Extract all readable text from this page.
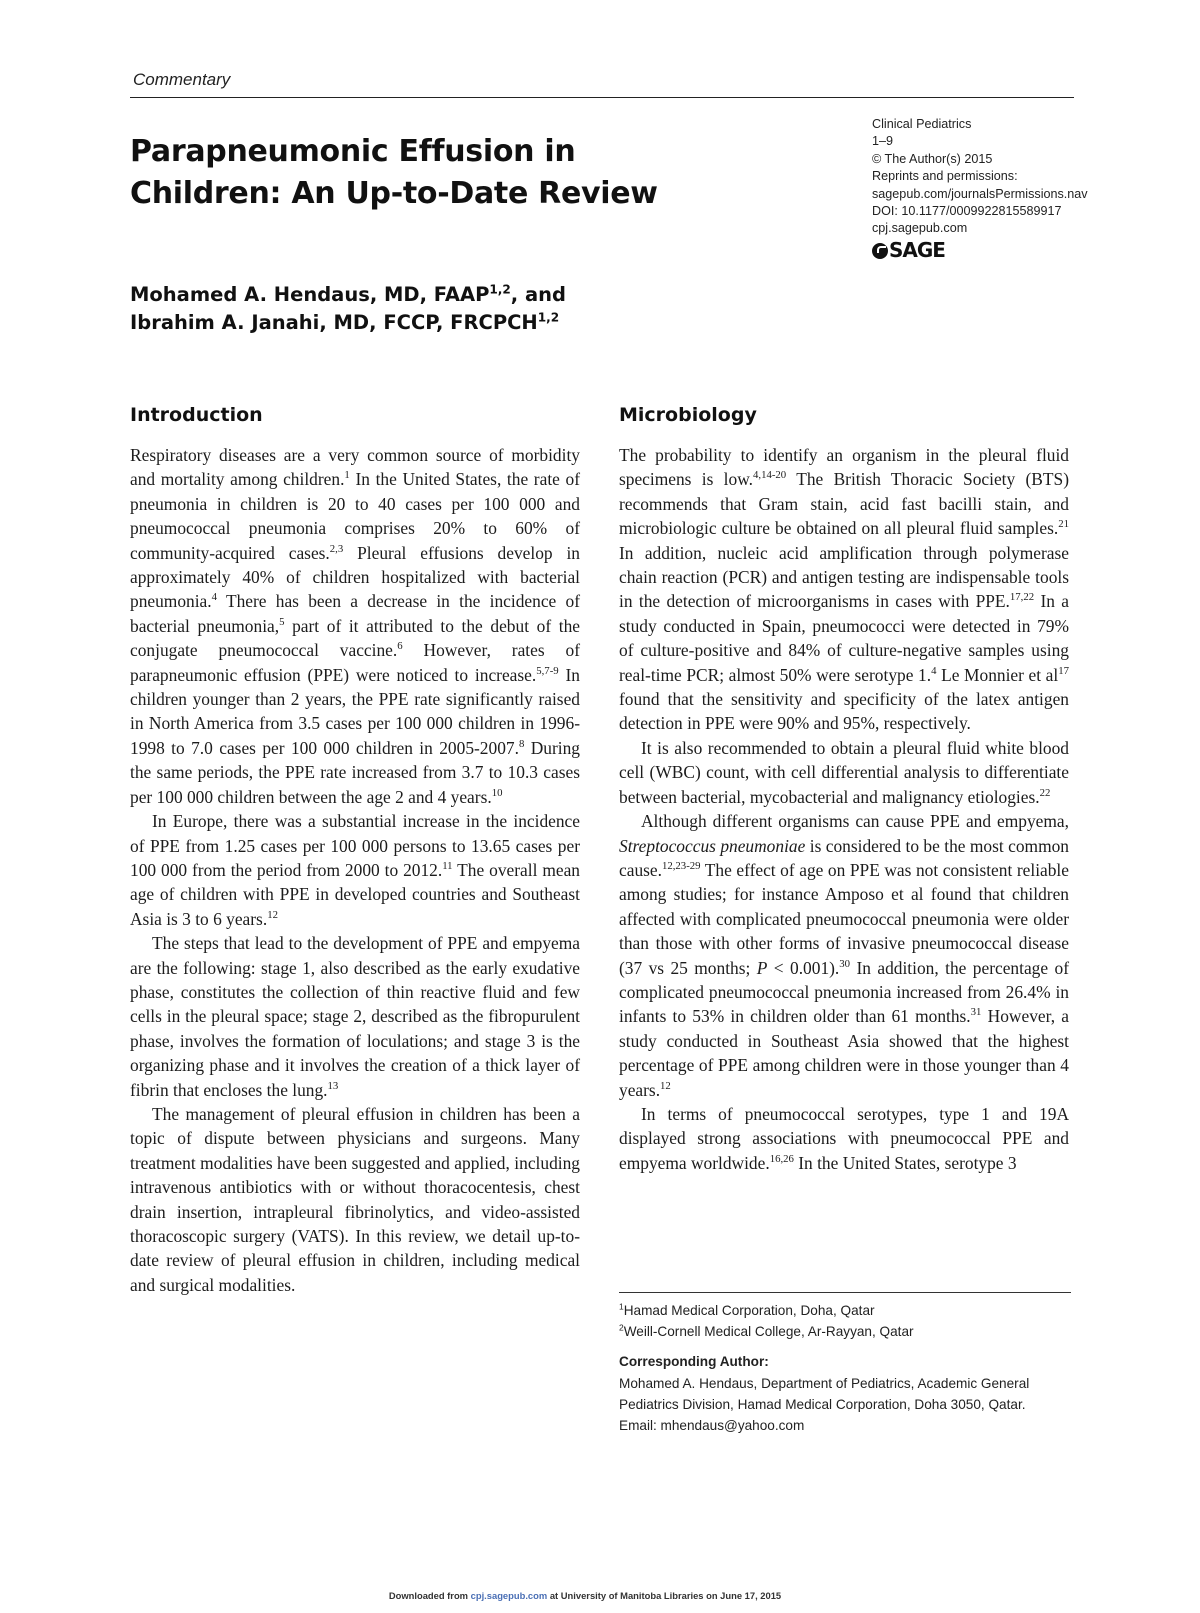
Commentary
Parapneumonic Effusion in
Children: An Up-to-Date Review
Clinical Pediatrics
1–9
© The Author(s) 2015
Reprints and permissions:
sagepub.com/journalsPermissions.nav
DOI: 10.1177/0009922815589917
cpj.sagepub.com
SAGE
Mohamed A. Hendaus, MD, FAAP$^{1,2}$, and
Ibrahim A. Janahi, MD, FCCP, FRCPCH$^{1,2}$
Introduction

Respiratory diseases are a very common source of morbidity and mortality among children.$^1$ In the United States, the rate of pneumonia in children is 20 to 40 cases per 100 000 and pneumococcal pneumonia comprises 20% to 60% of community-acquired cases.$^{2,3}$ Pleural effusions develop in approximately 40% of children hospitalized with bacterial pneumonia.$^4$ There has been a decrease in the incidence of bacterial pneumonia,$^5$ part of it attributed to the debut of the conjugate pneumococcal vaccine.$^6$ However, rates of parapneumonic effusion (PPE) were noticed to increase.$^{5,7-9}$ In children younger than 2 years, the PPE rate significantly raised in North America from 3.5 cases per 100 000 children in 1996-1998 to 7.0 cases per 100 000 children in 2005-2007.$^8$ During the same periods, the PPE rate increased from 3.7 to 10.3 cases per 100 000 children between the age 2 and 4 years.$^{10}$

In Europe, there was a substantial increase in the incidence of PPE from 1.25 cases per 100 000 persons to 13.65 cases per 100 000 from the period from 2000 to 2012.11 The overall mean age of children with PPE in developed countries and Southeast Asia is 3 to 6 years.$^{12}$

The steps that lead to the development of PPE and empyema are the following: stage 1, also described as the early exudative phase, constitutes the collection of thin reactive fluid and few cells in the pleural space; stage 2, described as the fibropurulent phase, involves the formation of loculations; and stage 3 is the organizing phase and it involves the creation of a thick layer of fibrin that encloses the lung.$^{13}$

The management of pleural effusion in children has been a topic of dispute between physicians and surgeons. Many treatment modalities have been suggested and applied, including intravenous antibiotics with or without thoracocentesis, chest drain insertion, intrapleural fibrinolytics, and video-assisted thoracoscopic surgery (VATS). In this review, we detail up-to-date review of pleural effusion in children, including medical and surgical modalities.

Microbiology

The probability to identify an organism in the pleural fluid specimens is low.$^{4,14-20}$ The British Thoracic Society (BTS) recommends that Gram stain, acid fast bacilli stain, and microbiologic culture be obtained on all pleural fluid samples.$^{21}$ In addition, nucleic acid amplification through polymerase chain reaction (PCR) and antigen testing are indispensable tools in the detection of microorganisms in cases with PPE.$^{17,22}$ In a study conducted in Spain, pneumococci were detected in 79% of culture-positive and 84% of culture-negative samples using real-time PCR; almost 50% were serotype 1.$^4$ Le Monnier et $al^{17}$ found that the sensitivity and specificity of the latex antigen detection in PPE were 90% and 95%, respectively.

It is also recommended to obtain a pleural fluid white blood cell (WBC) count, with cell differential analysis to differentiate between bacterial, mycobacterial and malignancy etiologies.$^{22}$

Although different organisms can cause PPE and empyema, Streptococcus pneumoniae is considered to be the most common cause.$^{12,23-29}$ The effect of age on PPE was not consistent reliable among studies; for instance Amposo et al found that children affected with complicated pneumococcal pneumonia were older than those with other forms of invasive pneumococcal disease (37 vs 25 months; P < 0.001).$^{30}$ In addition, the percentage of complicated pneumococcal pneumonia increased from 26.4% in infants to 53% in children older than 61 months.$^{31}$ However, a study conducted in Southeast Asia showed that the highest percentage of PPE among children were in those younger than 4 years.$^{12}$

In terms of pneumococcal serotypes, type 1 and 19A displayed strong associations with pneumococcal PPE and empyema worldwide.$^{16,26}$ In the United States, serotype 3

$^1$Hamad Medical Corporation, Doha, Qatar
$^2$Weill-Cornell Medical College, Ar-Rayyan, Qatar
Corresponding Author:
Mohamed A. Hendaus, Department of Pediatrics, Academic General Pediatrics Division, Hamad Medical Corporation, Doha 3050, Qatar.
Email: mhendaus@yahoo.com
Downloaded from cpj.sagepub.com at University of Manitoba Libraries on June 17, 2015
